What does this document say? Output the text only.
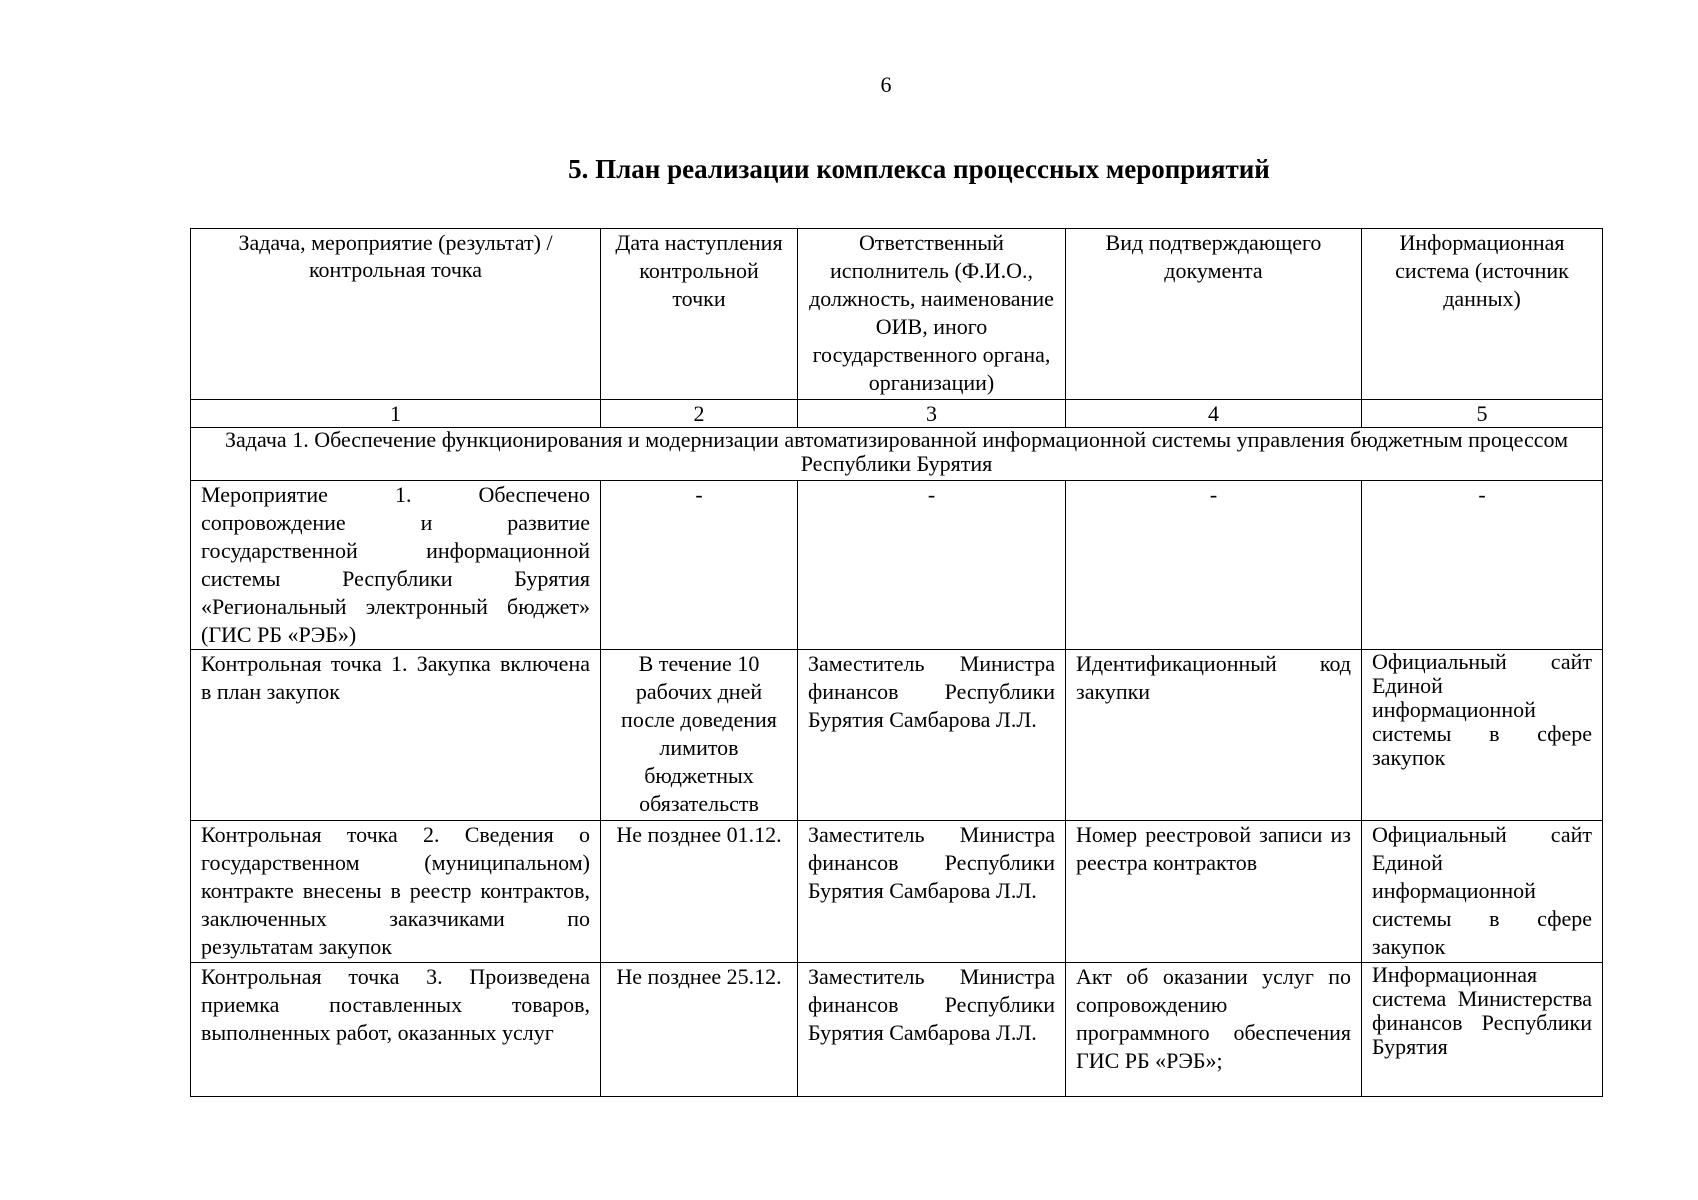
6
5. План реализации комплекса процессных мероприятий
Задача, мероприятие (результат) / контрольная точка	Дата наступления контрольной точки	Ответственный исполнитель (Ф.И.О., должность, наименование ОИВ, иного государственного органа, организации)	Вид подтверждающего документа	Информационная система (источник данных)
1	2	3	4	5
Задача 1. Обеспечение функционирования и модернизации автоматизированной информационной системы управления бюджетным процессом Республики Бурятия				
Мероприятие 1. Обеспечено сопровождение и развитие государственной информационной системы Республики Бурятия «Региональный электронный бюджет» (ГИС РБ «РЭБ»)	-	-	-	-
Контрольная точка 1. Закупка включена в план закупок	В течение 10 рабочих дней после доведения лимитов бюджетных обязательств	Заместитель Министра финансов Республики Бурятия Самбарова Л.Л.	Идентификационный код закупки	Официальный сайт Единой информационной системы в сфере закупок
Контрольная точка 2. Сведения о государственном (муниципальном) контракте внесены в реестр контрактов, заключенных заказчиками по результатам закупок	Не позднее 01.12.	Заместитель Министра финансов Республики Бурятия Самбарова Л.Л.	Номер реестровой записи из реестра контрактов	Официальный сайт Единой информационной системы в сфере закупок
Контрольная точка 3. Произведена приемка поставленных товаров, выполненных работ, оказанных услуг	Не позднее 25.12.	Заместитель Министра финансов Республики Бурятия Самбарова Л.Л.	Акт об оказании услуг по сопровождению программного обеспечения ГИС РБ «РЭБ»;	Информационная система Министерства финансов Республики Бурятия
